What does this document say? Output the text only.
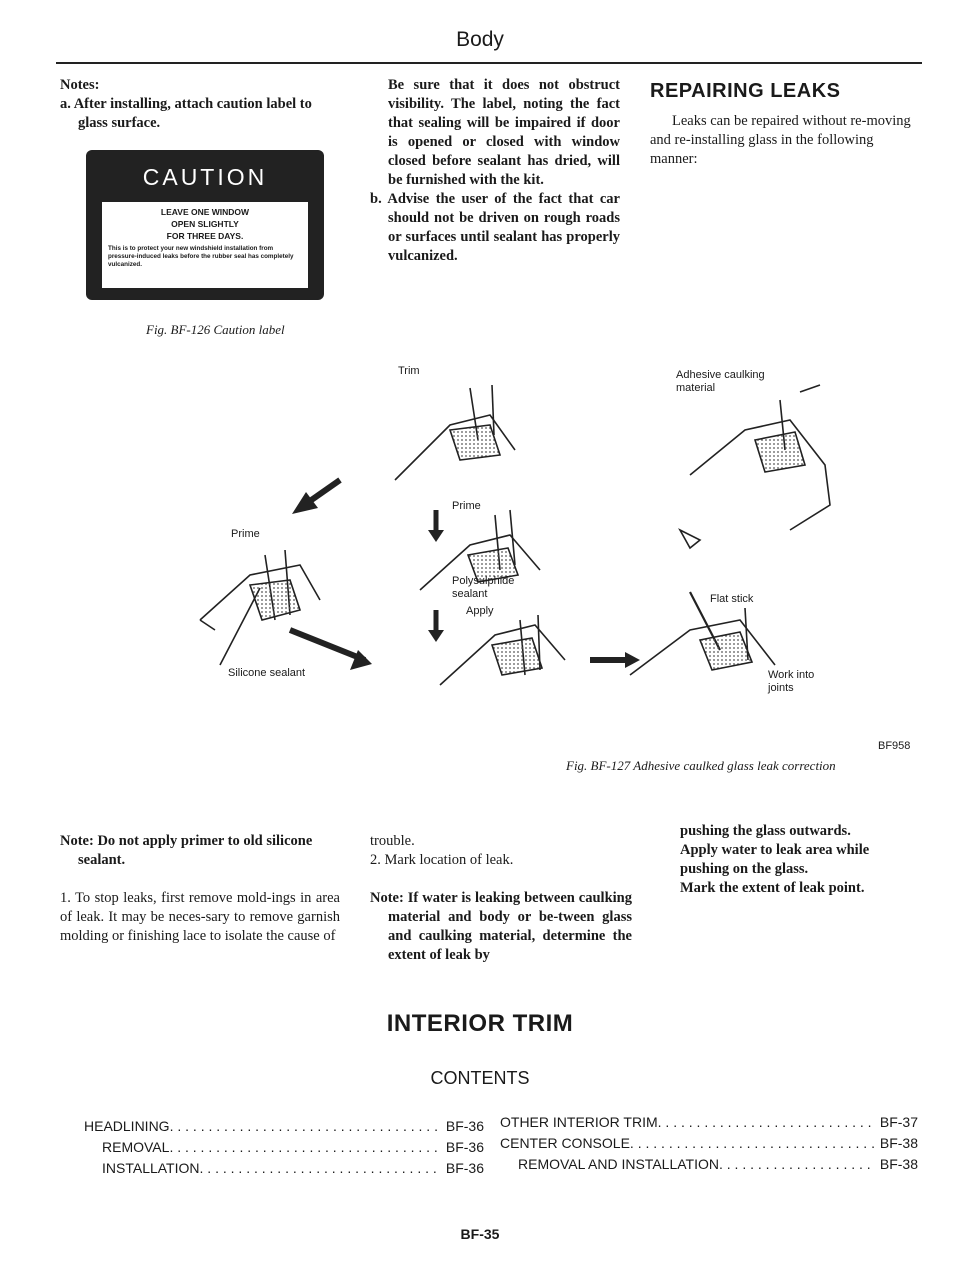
Body
Notes:
a. After installing, attach caution label to glass surface.
CAUTION
LEAVE ONE WINDOW
OPEN SLIGHTLY
FOR THREE DAYS.
This is to protect your new windshield installation from pressure-induced leaks before the rubber seal has completely vulcanized.
Fig. BF-126 Caution label
Be sure that it does not obstruct visibility. The label, noting the fact that sealing will be impaired if door is opened or closed with window closed before sealant has dried, will be furnished with the kit.
b. Advise the user of the fact that car should not be driven on rough roads or surfaces until sealant has properly vulcanized.
REPAIRING LEAKS
Leaks can be repaired without re-moving and re-installing glass in the following manner:
Trim
Prime
Silicone sealant
Prime
Polysulphide
sealant
Apply
Adhesive caulking
material
Flat stick
Work into
joints
BF958
Fig. BF-127 Adhesive caulked glass leak correction
Note: Do not apply primer to old silicone sealant.
1. To stop leaks, first remove mold-ings in area of leak. It may be neces-sary to remove garnish molding or finishing lace to isolate the cause of
trouble.
2. Mark location of leak.
Note: If water is leaking between caulking material and body or be-tween glass and caulking material, determine the extent of leak by
pushing the glass outwards.
Apply water to leak area while pushing on the glass.
Mark the extent of leak point.
INTERIOR TRIM
CONTENTS
HEADLINING . . .	BF-36
REMOVAL . . .	BF-36
INSTALLATION . . .	BF-36
OTHER INTERIOR TRIM . . .	BF-37
CENTER CONSOLE . . .	BF-38
REMOVAL AND INSTALLATION . . .	BF-38
BF-35
